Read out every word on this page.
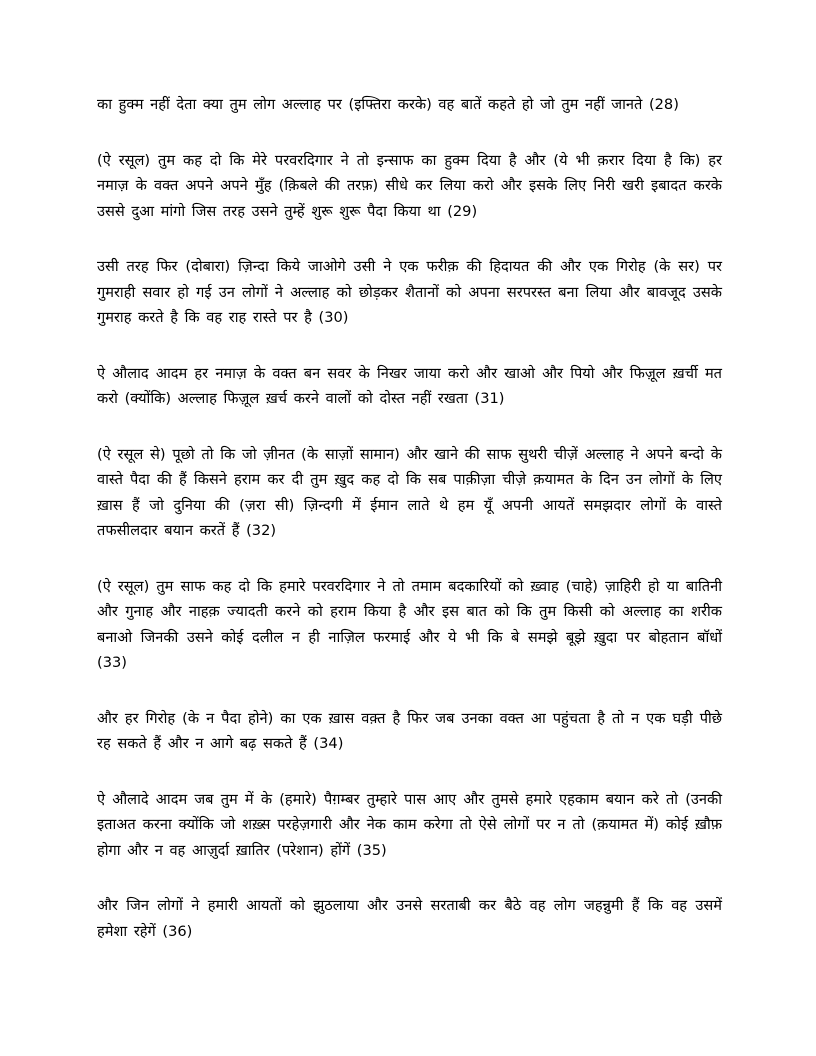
का हुक्म नहीं देता क्या तुम लोग अल्लाह पर (इफ्तिरा करके) वह बातें कहते हो जो तुम नहीं जानते (28)

(ऐ रसूल) तुम कह दो कि मेरे परवरदिगार ने तो इन्साफ का हुक्म दिया है और (ये भी क़रार दिया है कि) हर नमाज़ के वक्त अपने अपने मुँह (क़िबले की तरफ़) सीधे कर लिया करो और इसके लिए निरी खरी इबादत करके उससे दुआ मांगो जिस तरह उसने तुम्हें शुरू शुरू पैदा किया था (29)

उसी तरह फिर (दोबारा) ज़िन्दा किये जाओगे उसी ने एक फरीक़ की हिदायत की और एक गिरोह (के सर) पर गुमराही सवार हो गई उन लोगों ने अल्लाह को छोड़कर शैतानों को अपना सरपरस्त बना लिया और बावजूद उसके गुमराह करते है कि वह राह रास्ते पर है (30)

ऐ औलाद आदम हर नमाज़ के वक्त बन सवर के निखर जाया करो और खाओ और पियो और फिज़ूल ख़र्ची मत करो (क्योंकि) अल्लाह फिज़ूल ख़र्च करने वालों को दोस्त नहीं रखता (31)

(ऐ रसूल से) पूछो तो कि जो ज़ीनत (के साज़ों सामान) और खाने की साफ सुथरी चीज़ें अल्लाह ने अपने बन्दो के वास्ते पैदा की हैं किसने हराम कर दी तुम ख़ुद कह दो कि सब पाक़ीज़ा चीज़े क़यामत के दिन उन लोगों के लिए ख़ास हैं जो दुनिया की (ज़रा सी) ज़िन्दगी में ईमान लाते थे हम यूँ अपनी आयतें समझदार लोगों के वास्ते तफसीलदार बयान करतें हैं (32)

(ऐ रसूल) तुम साफ कह दो कि हमारे परवरदिगार ने तो तमाम बदकारियों को ख़्वाह (चाहे) ज़ाहिरी हो या बातिनी और गुनाह और नाहक़ ज्यादती करने को हराम किया है और इस बात को कि तुम किसी को अल्लाह का शरीक बनाओ जिनकी उसने कोई दलील न ही नाज़िल फरमाई और ये भी कि बे समझे बूझे ख़ुदा पर बोहतान बॉधों (33)

और हर गिरोह (के न पैदा होने) का एक ख़ास वक़्त है फिर जब उनका वक्त आ पहुंचता है तो न एक घड़ी पीछे रह सकते हैं और न आगे बढ़ सकते हैं (34)

ऐ औलादे आदम जब तुम में के (हमारे) पैग़म्बर तुम्हारे पास आए और तुमसे हमारे एहकाम बयान करे तो (उनकी इताअत करना क्योंकि जो शख़्स परहेज़गारी और नेक काम करेगा तो ऐसे लोगों पर न तो (क़यामत में) कोई ख़ौफ़ होगा और न वह आज़ुर्दा ख़ातिर (परेशान) होंगें (35)

और जिन लोगों ने हमारी आयतों को झुठलाया और उनसे सरताबी कर बैठे वह लोग जहन्नुमी हैं कि वह उसमें हमेशा रहेगें (36)
